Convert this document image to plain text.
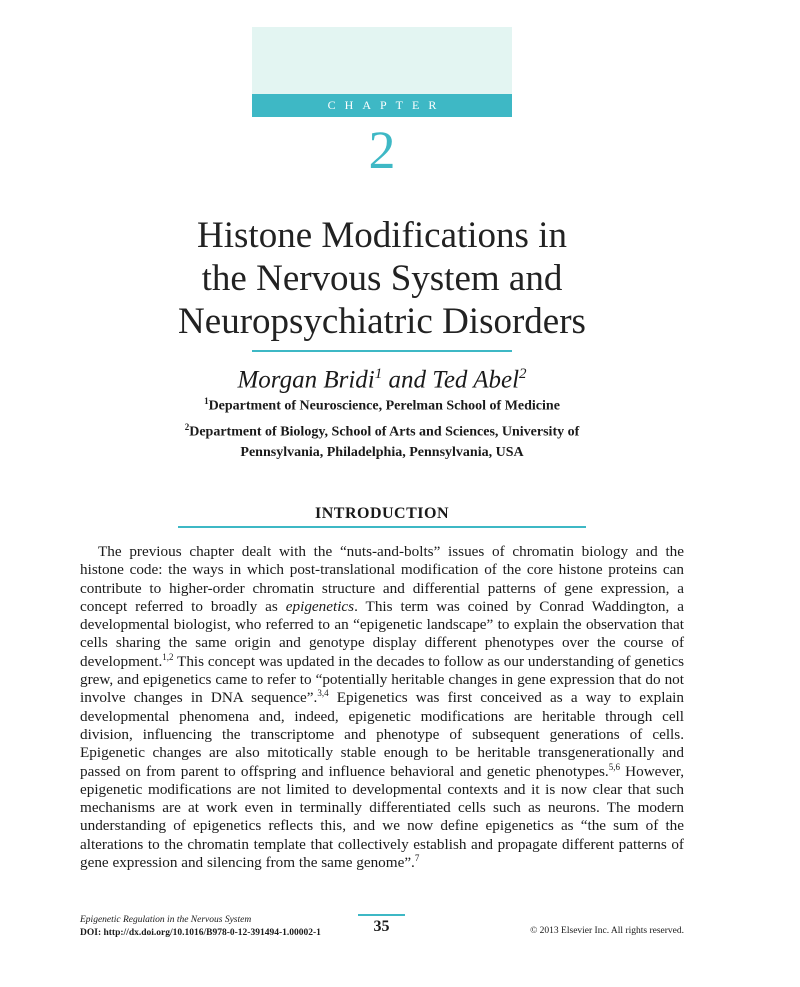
CHAPTER
2
Histone Modifications in
the Nervous System and
Neuropsychiatric Disorders
Morgan Bridi$^1$ and Ted Abel$^2$
$^1$Department of Neuroscience, Perelman School of Medicine
$^2$Department of Biology, School of Arts and Sciences, University of
Pennsylvania, Philadelphia, Pennsylvania, USA
INTRODUCTION

The previous chapter dealt with the “nuts-and-bolts” issues of chromatin biology and the histone code: the ways in which post-translational modification of the core histone proteins can contribute to higher-order chromatin structure and differential patterns of gene expression, a concept referred to broadly as epigenetics. This term was coined by Conrad Waddington, a developmental biologist, who referred to an “epigenetic landscape” to explain the observation that cells sharing the same origin and genotype display different phenotypes over the course of development.$^{1,2}$ This concept was updated in the decades to follow as our understanding of genetics grew, and epigenetics came to refer to “potentially heritable changes in gene expression that do not involve changes in DNA sequence”.$^{3,4}$ Epigenetics was first conceived as a way to explain developmental phenomena and, indeed, epigenetic modifications are heritable through cell division, influencing the transcriptome and phenotype of subsequent generations of cells. Epigenetic changes are also mitotically stable enough to be heritable transgenerationally and passed on from parent to offspring and influence behavioral and genetic phenotypes.$^{5,6}$ However, epigenetic modifications are not limited to developmental contexts and it is now clear that such mechanisms are at work even in terminally differentiated cells such as neurons. The modern understanding of epigenetics reflects this, and we now define epigenetics as “the sum of the alterations to the chromatin template that collectively establish and propagate different patterns of gene expression and silencing from the same genome”.$^7$

Epigenetic Regulation in the Nervous System
DOI: http://dx.doi.org/10.1016/B978-0-12-391494-1.00002-1	35	© 2013 Elsevier Inc. All rights reserved.
